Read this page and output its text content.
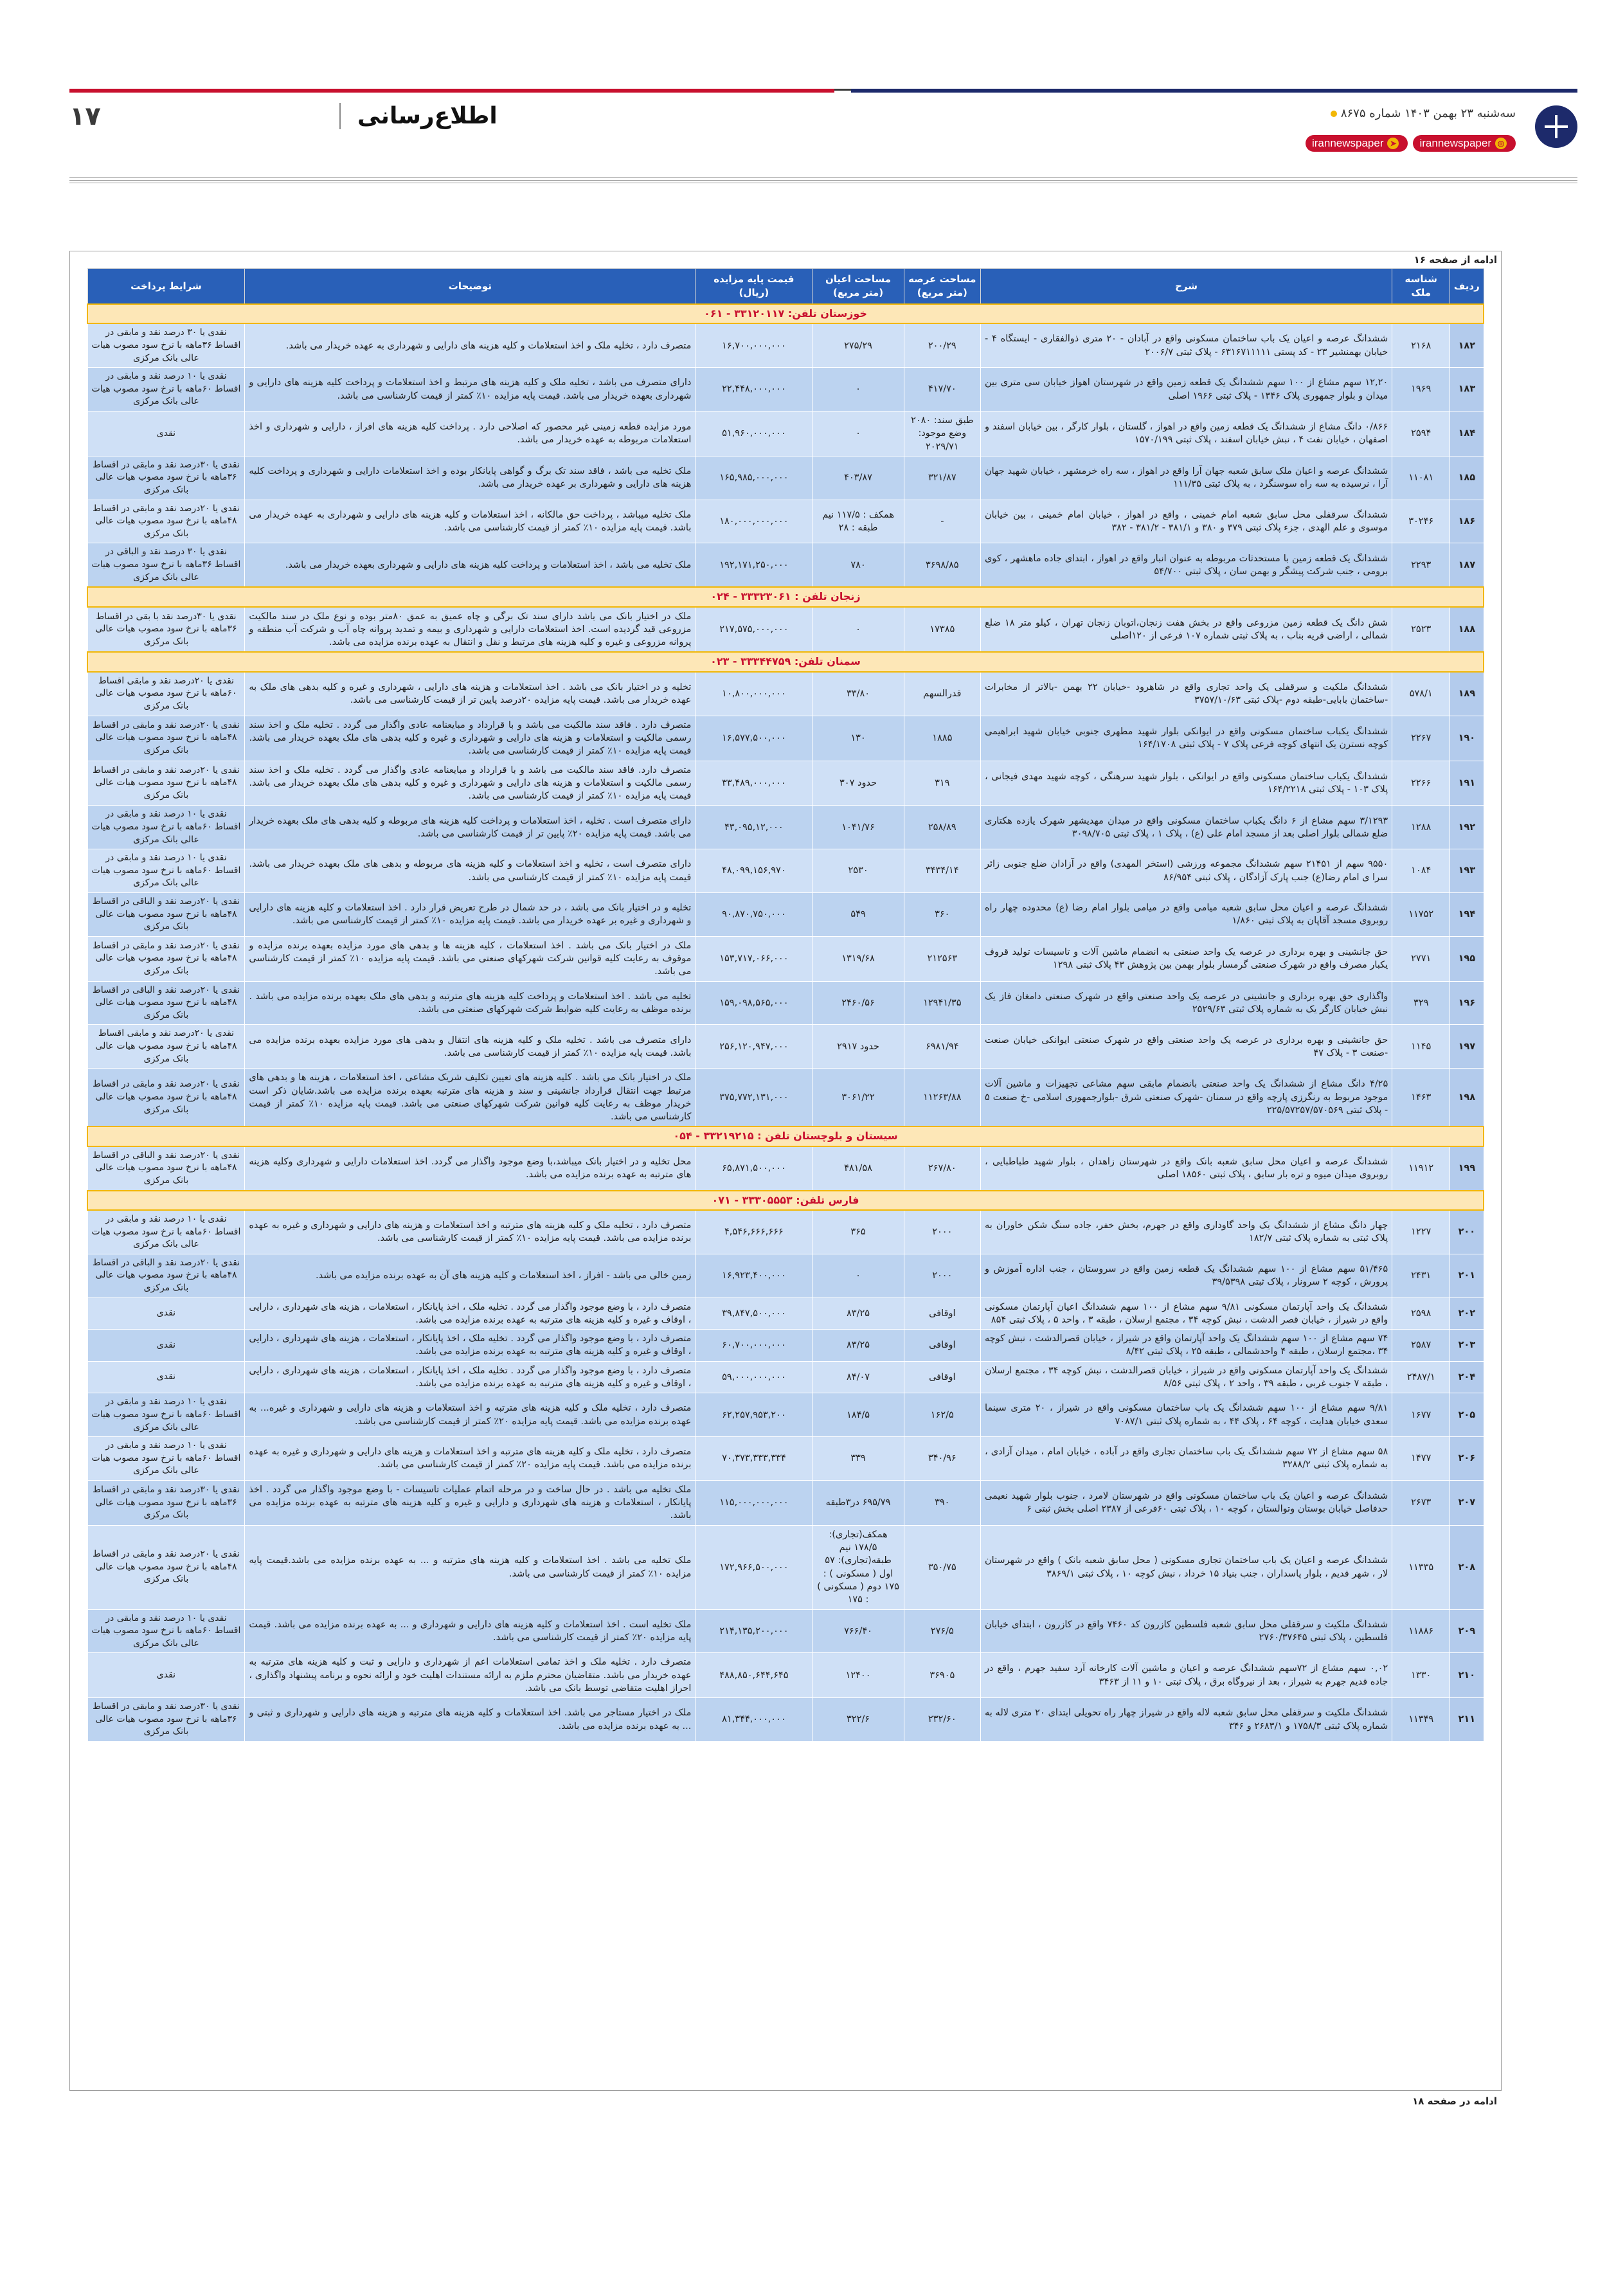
۱۷	اطلاع‌رسانی	سه‌شنبه ۲۳ بهمن ۱۴۰۳ شماره ۸۶۷۵
◎
irannewspaper
➤
irannewspaper
ادامه از صفحه ۱۶
ردیف	شناسه ملک	شرح	مساحت عرصه (متر مربع)	مساحت اعیان (متر مربع)	قیمت پایه مزایده (ریال)	توضیحات	شرایط پرداخت
خوزستان تلفن: ۳۳۱۲۰۱۱۷ - ۰۶۱							
۱۸۲	۲۱۶۸	ششدانگ عرصه و اعیان یک باب ساختمان مسکونی واقع در آبادان - ۲۰ متری ذوالفقاری - ایستگاه ۴ - خیابان بهمنشیر ۲۳ - کد پستی ۶۳۱۶۷۱۱۱۱۱ - پلاک ثبتی ۲۰۰۶/۷	۲۰۰/۲۹	۲۷۵/۲۹	۱۶,۷۰۰,۰۰۰,۰۰۰	متصرف دارد ، تخلیه ملک و اخذ استعلامات و کلیه هزینه های دارایی و شهرداری به عهده خریدار می باشد.	نقدی یا ۳۰ درصد نقد و مابقی در اقساط ۳۶ماهه با نرخ سود مصوب هیات عالی بانک مرکزی
۱۸۳	۱۹۶۹	۱۲,۲۰ سهم مشاع از ۱۰۰ سهم ششدانگ یک قطعه زمین واقع در شهرستان اهواز خیابان سی متری بین میدان و بلوار جمهوری پلاک ۱۳۴۶ - پلاک ثبتی ۱۹۶۶ اصلی	۴۱۷/۷۰	۰	۲۲,۴۴۸,۰۰۰,۰۰۰	دارای متصرف می باشد ، تخلیه ملک و کلیه هزینه های مرتبط و اخذ استعلامات و پرداخت کلیه هزینه های دارایی و شهرداری بعهده خریدار می باشد. قیمت پایه مزایده ۱۰٪ کمتر از قیمت کارشناسی می باشد.	نقدی یا ۱۰ درصد نقد و مابقی در اقساط ۶۰ماهه با نرخ سود مصوب هیات عالی بانک مرکزی
۱۸۴	۲۵۹۴	۰/۸۶۶ دانگ مشاع از ششدانگ یک قطعه زمین واقع در اهواز ، گلستان ، بلوار کارگر ، بین خیابان اسفند و اصفهان ، خیابان نفت ۴ ، نبش خیابان اسفند ، پلاک ثبتی ۱۵۷۰/۱۹۹	طبق سند: ۲۰۸۰ وضع موجود: ۲۰۲۹/۷۱	۰	۵۱,۹۶۰,۰۰۰,۰۰۰	مورد مزایده قطعه زمینی غیر محصور که اصلاحی دارد . پرداخت کلیه هزینه های افراز ، دارایی و شهرداری و اخذ استعلامات مربوطه به عهده خریدار می باشد.	نقدی
۱۸۵	۱۱۰۸۱	ششدانگ عرصه و اعیان ملک سابق شعبه جهان آرا واقع در اهواز ، سه راه خرمشهر ، خیابان شهید جهان آرا ، نرسیده به سه راه سوسنگرد ، به پلاک ثبتی ۱۱۱/۳۵	۳۲۱/۸۷	۴۰۳/۸۷	۱۶۵,۹۸۵,۰۰۰,۰۰۰	ملک تخلیه می باشد ، فاقد سند تک برگ و گواهی پایانکار بوده و اخذ استعلامات دارایی و شهرداری و پرداخت کلیه هزینه های دارایی و شهرداری بر عهده خریدار می باشد.	نقدی یا ۳۰درصد نقد و مابقی در اقساط ۳۶ماهه با نرخ سود مصوب هیات عالی بانک مرکزی
۱۸۶	۳۰۲۴۶	ششدانگ سرقفلی محل سابق شعبه امام خمینی ، واقع در اهواز ، خیابان امام خمینی ، بین خیابان موسوی و علم الهدی ، جزء پلاک ثبتی ۳۷۹ و ۳۸۰ و ۳۸۱/۱ - ۳۸۱/۲ - ۳۸۲	-	همکف : ۱۱۷/۵ نیم طبقه : ۲۸	۱۸۰,۰۰۰,۰۰۰,۰۰۰	ملک تخلیه میباشد ، پرداخت حق مالکانه ، اخذ استعلامات و کلیه هزینه های دارایی و شهرداری به عهده خریدار می باشد. قیمت پایه مزایده ۱۰٪ کمتر از قیمت کارشناسی می باشد.	نقدی یا ۲۰درصد نقد و مابقی در اقساط ۴۸ماهه با نرخ سود مصوب هیات عالی بانک مرکزی
۱۸۷	۲۲۹۳	ششدانگ یک قطعه زمین با مستحدثات مربوطه به عنوان انبار واقع در اهواز ، ابتدای جاده ماهشهر ، کوی برومی ، جنب شرکت پیشگر و بهمن سان ، پلاک ثبتی ۵۴/۷۰۰	۳۶۹۸/۸۵	۷۸۰	۱۹۲,۱۷۱,۲۵۰,۰۰۰	ملک تخلیه می باشد ، اخذ استعلامات و پرداخت کلیه هزینه های دارایی و شهرداری بعهده خریدار می باشد.	نقدی یا ۳۰ درصد نقد و الباقی در اقساط ۳۶ماهه با نرخ سود مصوب هیات عالی بانک مرکزی
زنجان تلفن : ۳۳۳۲۳۰۶۱ - ۰۲۴							
۱۸۸	۲۵۲۳	شش دانگ یک قطعه زمین مزروعی واقع در بخش هفت زنجان،اتوبان زنجان تهران ، کیلو متر ۱۸ ضلع شمالی ، اراضی قریه بناب ، به پلاک ثبتی شماره ۱۰۷ فرعی از ۱۲۰اصلی	۱۷۳۸۵	۰	۲۱۷,۵۷۵,۰۰۰,۰۰۰	ملک در اختیار بانک می باشد دارای سند تک برگی و چاه عمیق به عمق ۸۰متر بوده و نوع ملک در سند مالکیت مزروعی قید گردیده است. اخذ استعلامات دارایی و شهرداری و بیمه و تمدید پروانه چاه آب و شرکت آب منطقه و پروانه مزروعی و غیره و کلیه هزینه های مرتبط و نقل و انتقال به عهده برنده مزایده می باشد.	نقدی یا ۳۰درصد نقد با بقی در اقساط ۳۶ماهه با نرخ سود مصوب هیات عالی بانک مرکزی
سمنان تلفن: ۳۳۳۴۴۷۵۹ - ۰۲۳							
۱۸۹	۵۷۸/۱	ششدانگ ملکیت و سرقفلی یک واحد تجاری واقع در شاهرود -خیابان ۲۲ بهمن -بالاتر از مخابرات -ساختمان بابایی-طبقه دوم -پلاک ثبتی ۳۷۵۷/۱۰/۶۳	قدرالسهم	۳۳/۸۰	۱۰,۸۰۰,۰۰۰,۰۰۰	تخلیه و در اختیار بانک می باشد . اخذ استعلامات و هزینه های دارایی ، شهرداری و غیره و کلیه بدهی های ملک به عهده خریدار می باشد. قیمت پایه مزایده ۲۰درصد پایین تر از قیمت کارشناسی می باشد.	نقدی یا ۲۰درصد نقد و مابقی اقساط ۶۰ماهه با نرخ سود مصوب هیات عالی بانک مرکزی
۱۹۰	۲۲۶۷	ششدانگ یکباب ساختمان مسکونی واقع در ایوانکی بلوار شهید مطهری جنوبی خیابان شهید ابراهیمی کوچه نسترن یک انتهای کوچه فرعی پلاک ۷ - پلاک ثبتی ۱۶۴/۱۷۰۸	۱۸۸۵	۱۳۰	۱۶,۵۷۷,۵۰۰,۰۰۰	متصرف دارد . فاقد سند مالکیت می باشد و با قرارداد و مبایعنامه عادی واگذار می گردد . تخلیه ملک و اخذ سند رسمی مالکیت و استعلامات و هزینه های دارایی و شهرداری و غیره و کلیه بدهی های ملک بعهده خریدار می باشد. قیمت پایه مزایده ۱۰٪ کمتر از قیمت کارشناسی می باشد.	نقدی یا ۲۰درصد نقد و مابقی در اقساط ۴۸ماهه با نرخ سود مصوب هیات عالی بانک مرکزی
۱۹۱	۲۲۶۶	ششدانگ یکباب ساختمان مسکونی واقع در ایوانکی ، بلوار شهید سرهنگی ، کوچه شهید مهدی فیجانی ، پلاک ۱۰۳ - پلاک ثبتی ۱۶۴/۲۲۱۸	۳۱۹	حدود ۳۰۷	۳۳,۴۸۹,۰۰۰,۰۰۰	متصرف دارد. فاقد سند مالکیت می باشد و با قرارداد و مبایعنامه عادی واگذار می گردد . تخلیه ملک و اخذ سند رسمی مالکیت و استعلامات و هزینه های دارایی و شهرداری و غیره و کلیه بدهی های ملک بعهده خریدار می باشد. قیمت پایه مزایده ۱۰٪ کمتر از قیمت کارشناسی می باشد.	نقدی یا ۲۰درصد نقد و مابقی در اقساط ۴۸ماهه با نرخ سود مصوب هیات عالی بانک مرکزی
۱۹۲	۱۲۸۸	۳/۱۲۹۳ سهم مشاع از ۶ دانگ یکباب ساختمان مسکونی واقع در میدان مهدیشهر شهرک یازده هکتاری ضلع شمالی بلوار اصلی بعد از مسجد امام علی (ع) ، پلاک ۱ ، پلاک ثبتی ۳۰۹۸/۷۰۵	۲۵۸/۸۹	۱۰۴۱/۷۶	۴۳,۰۹۵,۱۲,۰۰۰	دارای متصرف است . تخلیه ، اخذ استعلامات و پرداخت کلیه هزینه های مربوطه و کلیه بدهی های ملک بعهده خریدار می باشد. قیمت پایه مزایده ۲۰٪ پایین تر از قیمت کارشناسی می باشد.	نقدی یا ۱۰ درصد نقد و مابقی در اقساط ۶۰ماهه با نرخ سود مصوب هیات عالی بانک مرکزی
۱۹۳	۱۰۸۴	۹۵۵۰ سهم از ۲۱۴۵۱ سهم ششدانگ مجموعه ورزشی (استخر المهدی) واقع در آزادان ضلع جنوبی زائر سرا ی امام رضا(ع) جنب پارک آزادگان ، پلاک ثبتی ۸۶/۹۵۴	۳۴۳۴/۱۴	۲۵۳۰	۴۸,۰۹۹,۱۵۶,۹۷۰	دارای متصرف است ، تخلیه و اخذ استعلامات و کلیه هزینه های مربوطه و بدهی های ملک بعهده خریدار می باشد. قیمت پایه مزایده ۱۰٪ کمتر از قیمت کارشناسی می باشد.	نقدی یا ۱۰ درصد نقد و مابقی در اقساط ۶۰ماهه با نرخ سود مصوب هیات عالی بانک مرکزی
۱۹۴	۱۱۷۵۲	ششدانگ عرصه و اعیان محل سابق شعبه میامی واقع در میامی بلوار امام رضا (ع) محدوده چهار راه روبروی مسجد آقاپان به پلاک ثبتی ۱/۸۶۰	۳۶۰	۵۴۹	۹۰,۸۷۰,۷۵۰,۰۰۰	تخلیه و در اختیار بانک می باشد ، در حد شمال در طرح تعریض قرار دارد . اخذ استعلامات و کلیه هزینه های دارایی و شهرداری و غیره بر عهده خریدار می باشد. قیمت پایه مزایده ۱۰٪ کمتر از قیمت کارشناسی می باشد.	نقدی یا ۲۰درصد نقد و الباقی در اقساط ۴۸ماهه با نرخ سود مصوب هیات عالی بانک مرکزی
۱۹۵	۲۷۷۱	حق جانشینی و بهره برداری در عرصه یک واحد صنعتی به انضمام ماشین آلات و تاسیسات تولید قروف یکبار مصرف واقع در شهرک صنعتی گرمسار بلوار بهمن بین پژوهش ۴۳ پلاک ثبتی ۱۲۹۸	۲۱۲۵۶۳	۱۳۱۹/۶۸	۱۵۳,۷۱۷,۰۶۶,۰۰۰	ملک در اختیار بانک می باشد . اخذ استعلامات ، کلیه هزینه ها و بدهی های مورد مزایده بعهده برنده مزایده و موقوف به رعایت کلیه قوانین شرکت شهرکهای صنعتی می باشد. قیمت پایه مزایده ۱۰٪ کمتر از قیمت کارشناسی می باشد.	نقدی یا ۲۰درصد نقد و مابقی در اقساط ۴۸ماهه با نرخ سود مصوب هیات عالی بانک مرکزی
۱۹۶	۳۲۹	واگذاری حق بهره برداری و جانشینی در عرصه یک واحد صنعتی واقع در شهرک صنعتی دامغان فاز یک نبش خیابان کارگر یک به شماره پلاک ثبتی ۲۵۲۹/۶۳	۱۲۹۴۱/۳۵	۲۴۶۰/۵۶	۱۵۹,۰۹۸,۵۶۵,۰۰۰	تخلیه می باشد . اخذ استعلامات و پرداخت کلیه هزینه های مترتبه و بدهی های ملک بعهده برنده مزایده می باشد . برنده موظف به رعایت کلیه ضوابط شرکت شهرکهای صنعتی می باشد.	نقدی یا ۲۰درصد نقد و الباقی در اقساط ۴۸ماهه با نرخ سود مصوب هیات عالی بانک مرکزی
۱۹۷	۱۱۴۵	حق جانشینی و بهره برداری در عرصه یک واحد صنعتی واقع در شهرک صنعتی ایوانکی خیابان صنعت -صنعت ۳ - پلاک ۴۷	۶۹۸۱/۹۴	حدود ۲۹۱۷	۲۵۶,۱۲۰,۹۴۷,۰۰۰	دارای متصرف می باشد . تخلیه ملک و کلیه هزینه های انتقال و بدهی های مورد مزایده بعهده برنده مزایده می باشد. قیمت پایه مزایده ۱۰٪ کمتر از قیمت کارشناسی می باشد.	نقدی یا ۲۰درصد نقد و مابقی اقساط ۴۸ماهه با نرخ سود مصوب هیات عالی بانک مرکزی
۱۹۸	۱۴۶۳	۴/۲۵ دانگ مشاع از ششدانگ یک واحد صنعتی بانضمام مابقی سهم مشاعی تجهیزات و ماشین آلات موجود مربوط به رنگرزی پارچه واقع در سمنان -شهرک صنعتی شرق -بلوارجمهوری اسلامی -خ صنعت ۵ - پلاک ثبتی ۲۲۵/۵۷۲۵۷/۵۷۰۵۶۹	۱۱۲۶۳/۸۸	۳۰۶۱/۲۲	۳۷۵,۷۷۲,۱۳۱,۰۰۰	ملک در اختیار بانک می باشد . کلیه هزینه های تعیین تکلیف شریک مشاعی ، اخذ استعلامات ، هزینه ها و بدهی های مرتبط جهت انتقال قرارداد جانشینی و سند و هزینه های مترتبه بعهده برنده مزایده می باشد.شایان ذکر است خریدار موظف به رعایت کلیه قوانین شرکت شهرکهای صنعتی می باشد. قیمت پایه مزایده ۱۰٪ کمتر از قیمت کارشناسی می باشد.	نقدی یا ۲۰درصد نقد و مابقی در اقساط ۴۸ماهه با نرخ سود مصوب هیات عالی بانک مرکزی
سیستان و بلوچستان تلفن : ۳۳۲۱۹۲۱۵ - ۰۵۴							
۱۹۹	۱۱۹۱۲	ششدانگ عرصه و اعیان محل سابق شعبه بانک واقع در شهرستان زاهدان ، بلوار شهید طباطبایی ، روبروی میدان میوه و تره بار سابق ، پلاک ثبتی ۱۸۵۶۰ اصلی	۲۶۷/۸۰	۴۸۱/۵۸	۶۵,۸۷۱,۵۰۰,۰۰۰	محل تخلیه و در اختیار بانک میباشد،با وضع موجود واگذار می گردد. اخذ استعلامات دارایی و شهرداری وکلیه هزینه های مترتبه به عهده برنده مزایده می باشد.	نقدی یا ۲۰درصد نقد و الباقی در اقساط ۴۸ماهه با نرخ سود مصوب هیات عالی بانک مرکزی
فارس تلفن: ۳۳۳۰۵۵۵۳ - ۰۷۱							
۲۰۰	۱۲۲۷	چهار دانگ مشاع از ششدانگ یک واحد گاوداری واقع در جهرم، بخش خفر، جاده سنگ شکن خاوران به پلاک ثبتی به شماره پلاک ثبتی ۱۸۲/۷	۲۰۰۰	۳۶۵	۴,۵۴۶,۶۶۶,۶۶۶	متصرف دارد ، تخلیه ملک و کلیه هزینه های مترتبه و اخذ استعلامات و هزینه های دارایی و شهرداری و غیره به عهده برنده مزایده می باشد. قیمت پایه مزایده ۱۰٪ کمتر از قیمت کارشناسی می باشد.	نقدی یا ۱۰ درصد نقد و مابقی در اقساط ۶۰ماهه با نرخ سود مصوب هیات عالی بانک مرکزی
۲۰۱	۲۴۳۱	۵۱/۴۶۵ سهم مشاع از ۱۰۰ سهم ششدانگ یک قطعه زمین واقع در سروستان ، جنب اداره آموزش و پرورش ، کوچه ۲ سرونار ، پلاک ثبتی ۳۹/۵۳۹۸	۲۰۰۰	۰	۱۶,۹۲۳,۴۰۰,۰۰۰	زمین خالی می باشد - افراز ، اخذ استعلامات و کلیه هزینه های آن به عهده برنده مزایده می باشد.	نقدی یا ۲۰درصد نقد و الباقی در اقساط ۴۸ماهه با نرخ سود مصوب هیات عالی بانک مرکزی
۲۰۲	۲۵۹۸	ششدانگ یک واحد آپارتمان مسکونی ۹/۸۱ سهم مشاع از ۱۰۰ سهم ششدانگ اعیان آپارتمان مسکونی واقع در شیراز ، خیابان قصر الدشت ، نبش کوچه ۳۴ ، مجتمع ارسلان ، طبقه ۳ ، واحد ۵ ، پلاک ثبتی ۸۵۴	اوقافی	۸۳/۲۵	۳۹,۸۴۷,۵۰۰,۰۰۰	متصرف دارد ، با وضع موجود واگذار می گردد . تخلیه ملک ، اخذ پایانکار ، استعلامات ، هزینه های شهرداری ، دارایی ، اوقاف و غیره و کلیه هزینه های مترتبه به عهده برنده مزایده می باشد.	نقدی
۲۰۳	۲۵۸۷	۷۴ سهم مشاع از ۱۰۰ سهم ششدانگ یک واحد آپارتمان واقع در شیراز ، خیابان قصرالدشت ، نبش کوچه ۳۴ ،مجتمع ارسلان ، طبقه ۴ واحدشمالی ، طبقه ۲۵ ، پلاک ثبتی ۸/۴۲	اوقافی	۸۳/۲۵	۶۰,۷۰۰,۰۰۰,۰۰۰	متصرف دارد ، با وضع موجود واگذار می گردد . تخلیه ملک ، اخذ پایانکار ، استعلامات ، هزینه های شهرداری ، دارایی ، اوقاف و غیره و کلیه هزینه های مترتبه به عهده برنده مزایده می باشد.	نقدی
۲۰۴	۲۴۸۷/۱	ششدانگ یک واحد آپارتمان مسکونی واقع در شیراز ، خیابان قصرالدشت ، نبش کوچه ۳۴ ، مجتمع ارسلان ، طبقه ۷ جنوب غربی ، طبقه ۳۹ ، واحد ۲ ، پلاک ثبتی ۸/۵۶	اوقافی	۸۴/۰۷	۵۹,۰۰۰,۰۰۰,۰۰۰	متصرف دارد ، با وضع موجود واگذار می گردد . تخلیه ملک ، اخذ پایانکار ، استعلامات ، هزینه های شهرداری ، دارایی ، اوقاف و غیره و کلیه هزینه های مترتبه به عهده برنده مزایده می باشد.	نقدی
۲۰۵	۱۶۷۷	۹/۸۱ سهم مشاع از ۱۰۰ سهم ششدانگ یک باب ساختمان مسکونی واقع در شیراز ، ۲۰ متری سینما سعدی خیابان هدایت ، کوچه ۶۴ ، پلاک ۴۴ ، به شماره پلاک ثبتی ۷۰۸۷/۱	۱۶۲/۵	۱۸۴/۵	۶۲,۲۵۷,۹۵۳,۲۰۰	متصرف دارد ، تخلیه ملک و کلیه هزینه های مترتبه و اخذ استعلامات و هزینه های دارایی و شهرداری و غیره... به عهده برنده مزایده می باشد. قیمت پایه مزایده ۲۰٪ کمتر از قیمت کارشناسی می باشد.	نقدی یا ۱۰ درصد نقد و مابقی در اقساط ۶۰ماهه با نرخ سود مصوب هیات عالی بانک مرکزی
۲۰۶	۱۴۷۷	۵۸ سهم مشاع از ۷۲ سهم ششدانگ یک باب ساختمان تجاری واقع در آباده ، خیابان امام ، میدان آزادی ، به شماره پلاک ثبتی ۳۲۸۸/۲	۳۴۰/۹۶	۳۳۹	۷۰,۳۷۳,۳۳۳,۳۳۴	متصرف دارد ، تخلیه ملک و کلیه هزینه های مترتبه و اخذ استعلامات و هزینه های دارایی و شهرداری و غیره به عهده برنده مزایده می باشد. قیمت پایه مزایده ۲۰٪ کمتر از قیمت کارشناسی می باشد.	نقدی یا ۱۰ درصد نقد و مابقی در اقساط ۶۰ماهه با نرخ سود مصوب هیات عالی بانک مرکزی
۲۰۷	۲۶۷۳	ششدانگ عرصه و اعیان یک باب ساختمان مسکونی واقع در شهرستان لامرد ، جنوب بلوار شهید نعیمی حدفاصل خیابان بوستان وتوالستان ، کوچه ۱۰ ، پلاک ثبتی ۶۰فرعی از ۲۳۸۷ اصلی بخش ثبتی ۶	۳۹۰	۶۹۵/۷۹ در۳طبقه	۱۱۵,۰۰۰,۰۰۰,۰۰۰	ملک تخلیه می باشد . در حال ساخت و در مرحله اتمام عملیات تاسیسات - با وضع موجود واگذار می گردد . اخذ پایانکار ، استعلامات و هزینه های شهرداری و دارایی و غیره و کلیه هزینه های مترتبه به عهده برنده مزایده می باشد.	نقدی یا ۳۰درصد نقد و مابقی در اقساط ۳۶ماهه با نرخ سود مصوب هیات عالی بانک مرکزی
۲۰۸	۱۱۳۳۵	ششدانگ عرصه و اعیان یک باب ساختمان تجاری مسکونی ( محل سابق شعبه بانک ) واقع در شهرستان لار ، شهر قدیم ، بلوار پاسداران ، جنب بنیاد ۱۵ خرداد ، نبش کوچه ۱۰ ، پلاک ثبتی ۳۸۶۹/۱	۳۵۰/۷۵	همکف(تجاری): ۱۷۸/۵ نیم طبقه(تجاری): ۵۷ اول ( مسکونی ) : ۱۷۵ دوم ( مسکونی ) : ۱۷۵	۱۷۲,۹۶۶,۵۰۰,۰۰۰	ملک تخلیه می باشد . اخذ استعلامات و کلیه هزینه های مترتبه و ... به عهده برنده مزایده می باشد.قیمت پایه مزایده ۱۰٪ کمتر از قیمت کارشناسی می باشد.	نقدی یا ۲۰درصد نقد و مابقی در اقساط ۴۸ماهه با نرخ سود مصوب هیات عالی بانک مرکزی
۲۰۹	۱۱۸۸۶	ششدانگ ملکیت و سرقفلی محل سابق شعبه فلسطین کازرون کد ۷۴۶۰ واقع در کازرون ، ابتدای خیابان فلسطین ، پلاک ثبتی ۲۷۶۰/۳۷۶۴۵	۲۷۶/۵	۷۶۶/۴۰	۲۱۴,۱۳۵,۲۰۰,۰۰۰	ملک تخلیه است . اخذ استعلامات و کلیه هزینه های دارایی و شهرداری و ... به عهده برنده مزایده می باشد. قیمت پایه مزایده ۲۰٪ کمتر از قیمت کارشناسی می باشد.	نقدی یا ۱۰ درصد نقد و مابقی در اقساط ۶۰ماهه با نرخ سود مصوب هیات عالی بانک مرکزی
۲۱۰	۱۳۳۰	۰,۰۲ سهم مشاع از ۷۲سهم ششدانگ عرصه و اعیان و ماشین آلات کارخانه آرد سفید جهرم ، واقع در جاده قدیم جهرم به شیراز ، بعد از نیروگاه برق ، پلاک ثبتی ۱۰ و ۱۱ از ۳۴۶۳	۳۶۹۰۵	۱۲۴۰۰	۴۸۸,۸۵۰,۶۴۴,۶۴۵	متصرف دارد . تخلیه ملک و اخذ تمامی استعلامات اعم از شهرداری و دارایی و ثبت و کلیه هزینه های مترتبه به عهده خریدار می باشد. متقاضیان محترم ملزم به ارائه مستندات اهلیت خود و ارائه نحوه و برنامه پیشنهاد واگذاری ، احراز اهلیت متقاضی توسط بانک می باشد.	نقدی
۲۱۱	۱۱۳۴۹	ششدانگ ملکیت و سرقفلی محل سابق شعبه لاله واقع در شیراز چهار راه تحویلی ابتدای ۲۰ متری لاله به شماره پلاک ثبتی ۱۷۵۸/۳ و ۲۶۸۳/۱ و ۳۴۶	۲۳۲/۶۰	۳۲۲/۶	۸۱,۳۴۴,۰۰۰,۰۰۰	ملک در اختیار مستاجر می باشد. اخذ استعلامات و کلیه هزینه های مترتبه و هزینه های دارایی و شهرداری و ثبتی و ... به عهده برنده مزایده می باشد.	نقدی یا ۳۰درصد نقد و مابقی در اقساط ۳۶ماهه با نرخ سود مصوب هیات عالی بانک مرکزی
ادامه در صفحه ۱۸
